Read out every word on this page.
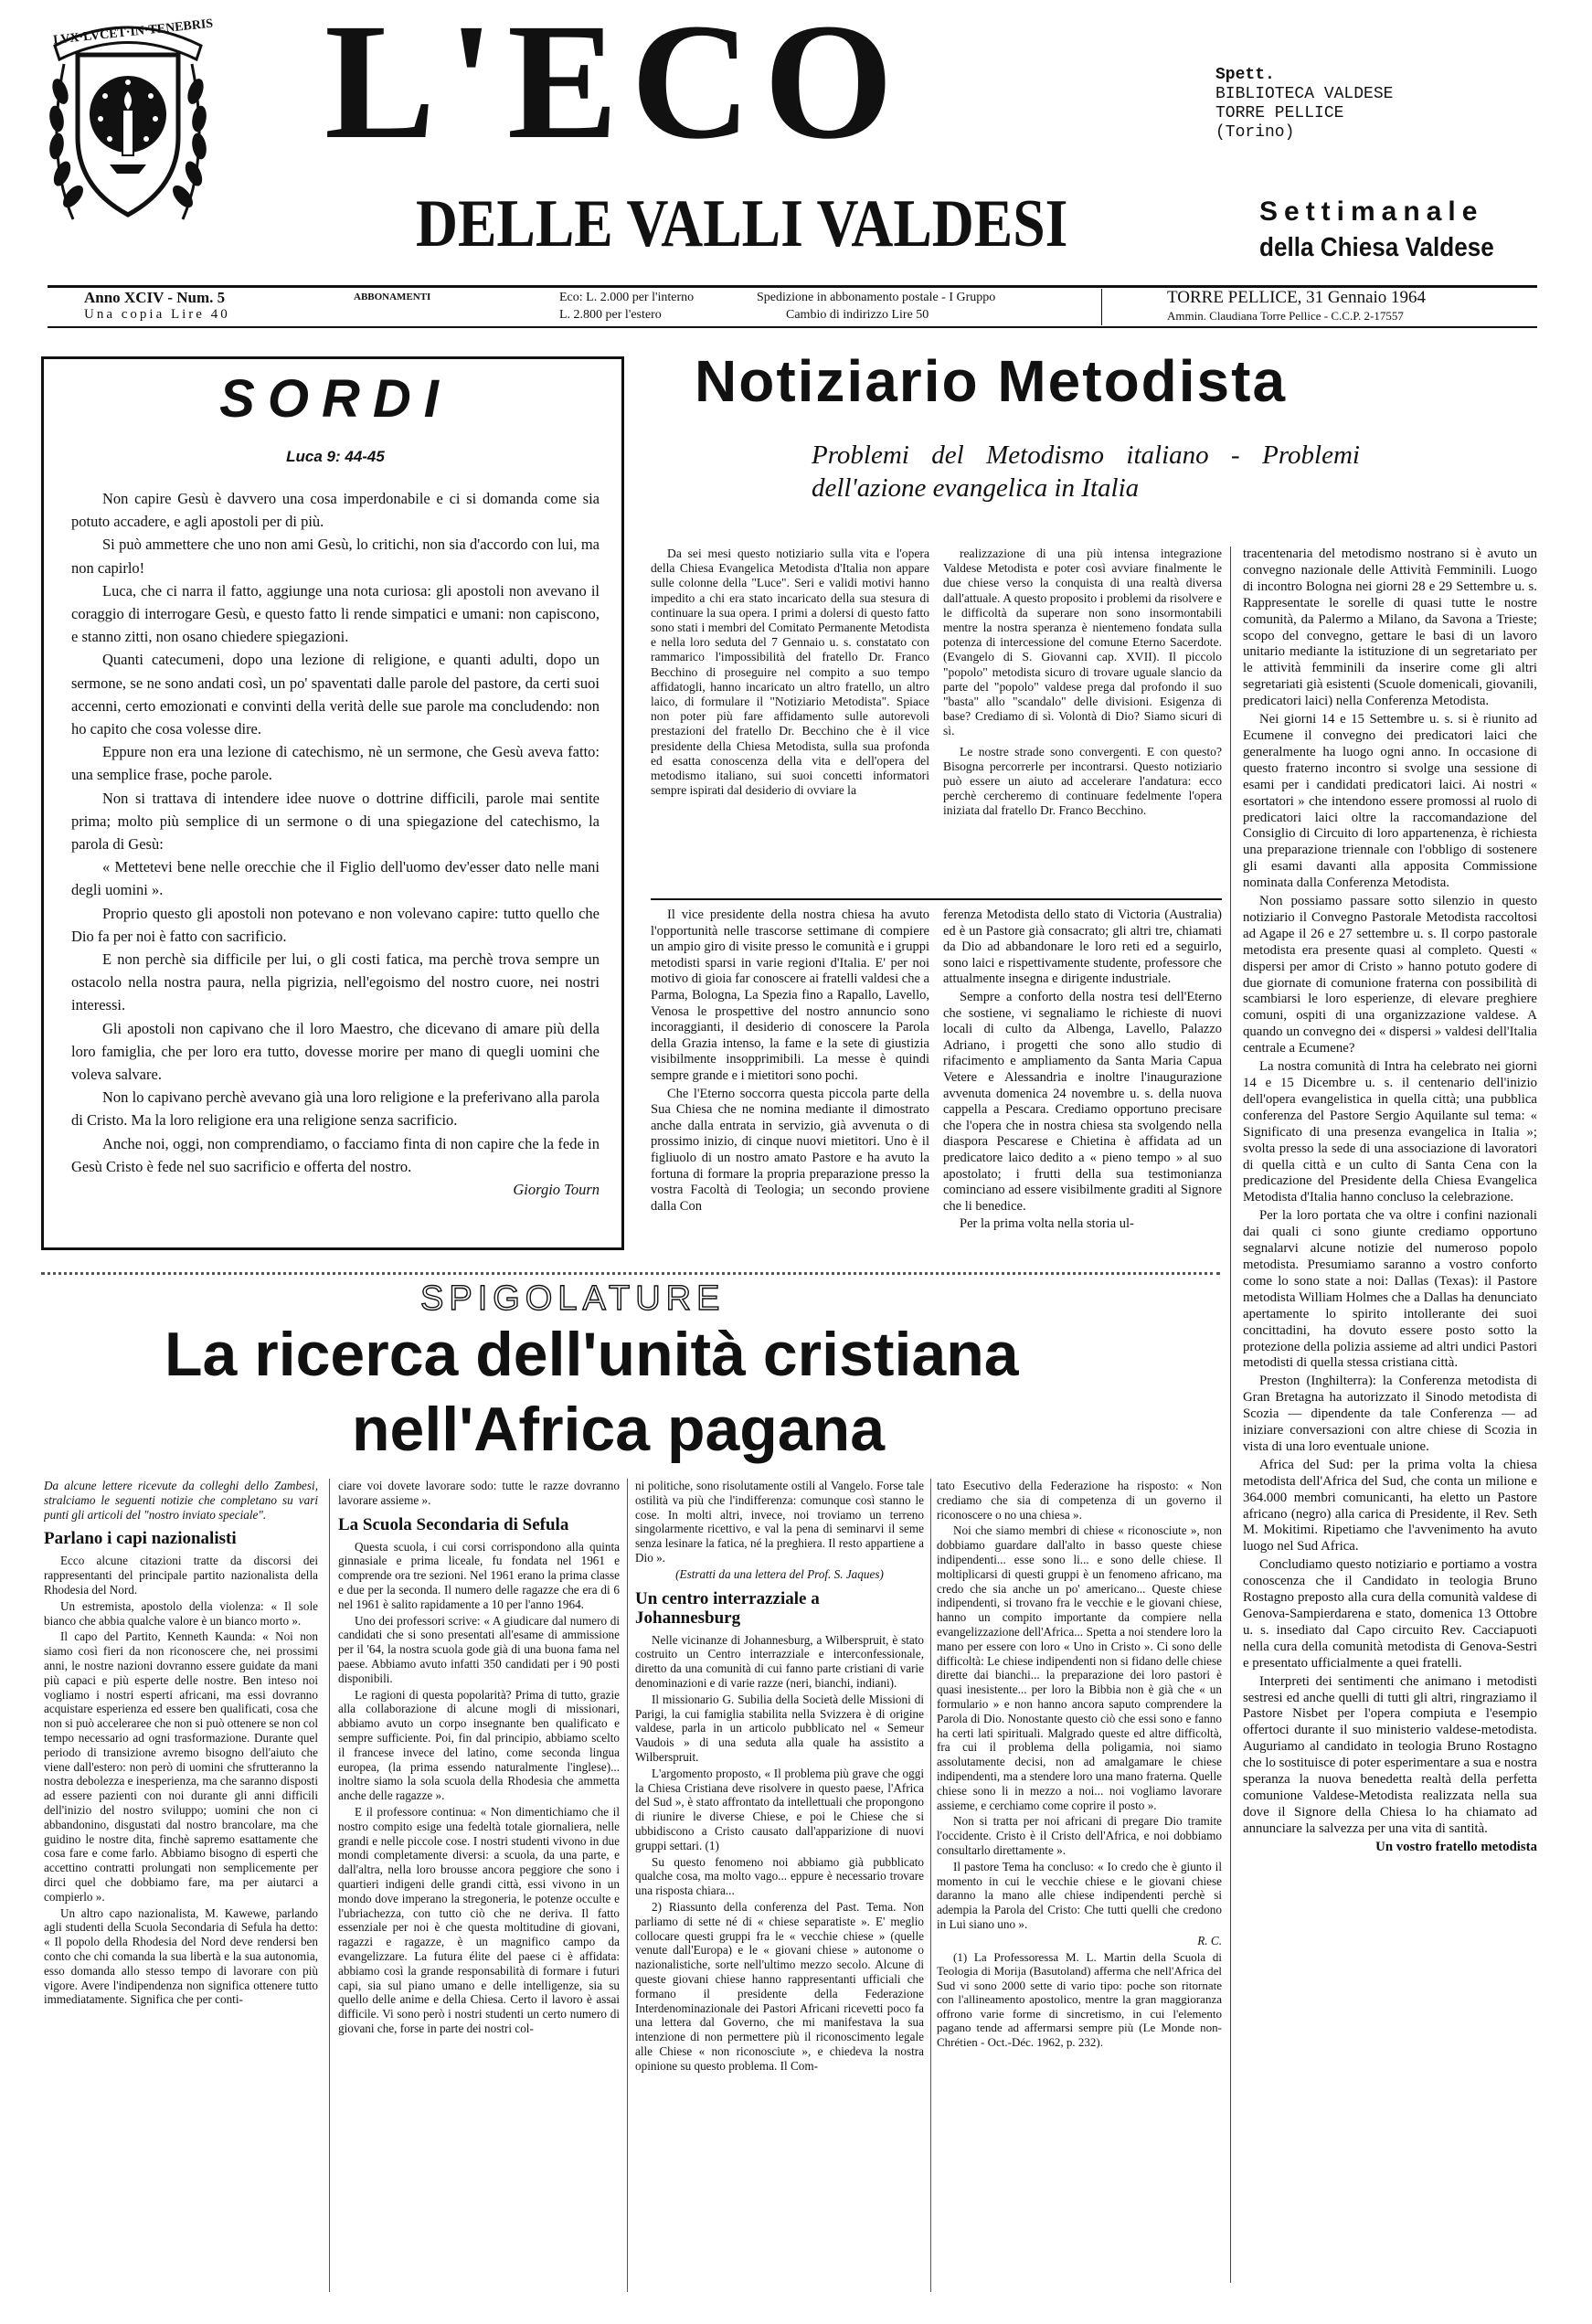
LVX·LVCET·IN·TENEBRIS L'ECO
DELLE VALLI VALDESI
Spett.
BIBLIOTECA VALDESE
TORRE PELLICE
(Torino)
Settimanale
della Chiesa Valdese
Anno XCIV - Num. 5
Una copia Lire 40
ABBONAMENTI	Eco: L. 2.000 per l'interno
L. 2.800 per l'estero
Spedizione in abbonamento postale - I Gruppo
Cambio di indirizzo Lire 50
TORRE PELLICE, 31 Gennaio 1964
Ammin. Claudiana Torre Pellice - C.C.P. 2-17557
SORDI
Luca 9: 44-45

Non capire Gesù è davvero una cosa imperdonabile e ci si domanda come sia potuto accadere, e agli apostoli per di più.

Si può ammettere che uno non ami Gesù, lo critichi, non sia d'accordo con lui, ma non capirlo!

Luca, che ci narra il fatto, aggiunge una nota curiosa: gli apostoli non avevano il coraggio di interrogare Gesù, e questo fatto li rende simpatici e umani: non capiscono, e stanno zitti, non osano chiedere spiegazioni.

Quanti catecumeni, dopo una lezione di religione, e quanti adulti, dopo un sermone, se ne sono andati così, un po' spaventati dalle parole del pastore, da certi suoi accenni, certo emozionati e convinti della verità delle sue parole ma concludendo: non ho capito che cosa volesse dire.

Eppure non era una lezione di catechismo, nè un sermone, che Gesù aveva fatto: una semplice frase, poche parole.

Non si trattava di intendere idee nuove o dottrine difficili, parole mai sentite prima; molto più semplice di un sermone o di una spiegazione del catechismo, la parola di Gesù:

« Mettetevi bene nelle orecchie che il Figlio dell'uomo dev'esser dato nelle mani degli uomini ».

Proprio questo gli apostoli non potevano e non volevano capire: tutto quello che Dio fa per noi è fatto con sacrificio.

E non perchè sia difficile per lui, o gli costi fatica, ma perchè trova sempre un ostacolo nella nostra paura, nella pigrizia, nell'egoismo del nostro cuore, nei nostri interessi.

Gli apostoli non capivano che il loro Maestro, che dicevano di amare più della loro famiglia, che per loro era tutto, dovesse morire per mano di quegli uomini che voleva salvare.

Non lo capivano perchè avevano già una loro religione e la preferivano alla parola di Cristo. Ma la loro religione era una religione senza sacrificio.

Anche noi, oggi, non comprendiamo, o facciamo finta di non capire che la fede in Gesù Cristo è fede nel suo sacrificio e offerta del nostro.

Giorgio Tourn

Notiziario Metodista
Problemi del Metodismo italiano - Problemi dell'azione evangelica in Italia

Da sei mesi questo notiziario sulla vita e l'opera della Chiesa Evangelica Metodista d'Italia non appare sulle colonne della "Luce". Seri e validi motivi hanno impedito a chi era stato incaricato della sua stesura di continuare la sua opera. I primi a dolersi di questo fatto sono stati i membri del Comitato Permanente Metodista e nella loro seduta del 7 Gennaio u. s. constatato con rammarico l'impossibilità del fratello Dr. Franco Becchino di proseguire nel compito a suo tempo affidatogli, hanno incaricato un altro fratello, un altro laico, di formulare il "Notiziario Metodista". Spiace non poter più fare affidamento sulle autorevoli prestazioni del fratello Dr. Becchino che è il vice presidente della Chiesa Metodista, sulla sua profonda ed esatta conoscenza della vita e dell'opera del metodismo italiano, sui suoi concetti informatori sempre ispirati dal desiderio di ovviare la

realizzazione di una più intensa integrazione Valdese Metodista e poter così avviare finalmente le due chiese verso la conquista di una realtà diversa dall'attuale. A questo proposito i problemi da risolvere e le difficoltà da superare non sono insormontabili mentre la nostra speranza è nientemeno fondata sulla potenza di intercessione del comune Eterno Sacerdote. (Evangelo di S. Giovanni cap. XVII). Il piccolo "popolo" metodista sicuro di trovare uguale slancio da parte del "popolo" valdese prega dal profondo il suo "basta" allo "scandalo" delle divisioni. Esigenza di base? Crediamo di sì. Volontà di Dio? Siamo sicuri di sì.

Le nostre strade sono convergenti. E con questo? Bisogna percorrerle per incontrarsi. Questo notiziario può essere un aiuto ad accelerare l'andatura: ecco perchè cercheremo di continuare fedelmente l'opera iniziata dal fratello Dr. Franco Becchino.

Il vice presidente della nostra chiesa ha avuto l'opportunità nelle trascorse settimane di compiere un ampio giro di visite presso le comunità e i gruppi metodisti sparsi in varie regioni d'Italia. E' per noi motivo di gioia far conoscere ai fratelli valdesi che a Parma, Bologna, La Spezia fino a Rapallo, Lavello, Venosa le prospettive del nostro annuncio sono incoraggianti, il desiderio di conoscere la Parola della Grazia intenso, la fame e la sete di giustizia visibilmente insopprimibili. La messe è quindi sempre grande e i mietitori sono pochi.

Che l'Eterno soccorra questa piccola parte della Sua Chiesa che ne nomina mediante il dimostrato anche dalla entrata in servizio, già avvenuta o di prossimo inizio, di cinque nuovi mietitori. Uno è il figliuolo di un nostro amato Pastore e ha avuto la fortuna di formare la propria preparazione presso la vostra Facoltà di Teologia; un secondo proviene dalla Con

ferenza Metodista dello stato di Victoria (Australia) ed è un Pastore già consacrato; gli altri tre, chiamati da Dio ad abbandonare le loro reti ed a seguirlo, sono laici e rispettivamente studente, professore che attualmente insegna e dirigente industriale.

Sempre a conforto della nostra tesi dell'Eterno che sostiene, vi segnaliamo le richieste di nuovi locali di culto da Albenga, Lavello, Palazzo Adriano, i progetti che sono allo studio di rifacimento e ampliamento da Santa Maria Capua Vetere e Alessandria e inoltre l'inaugurazione avvenuta domenica 24 novembre u. s. della nuova cappella a Pescara. Crediamo opportuno precisare che l'opera che in nostra chiesa sta svolgendo nella diaspora Pescarese e Chietina è affidata ad un predicatore laico dedito a « pieno tempo » al suo apostolato; i frutti della sua testimonianza cominciano ad essere visibilmente graditi al Signore che li benedice.

Per la prima volta nella storia ul-

tracentenaria del metodismo nostrano si è avuto un convegno nazionale delle Attività Femminili. Luogo di incontro Bologna nei giorni 28 e 29 Settembre u. s. Rappresentate le sorelle di quasi tutte le nostre comunità, da Palermo a Milano, da Savona a Trieste; scopo del convegno, gettare le basi di un lavoro unitario mediante la istituzione di un segretariato per le attività femminili da inserire come gli altri segretariati già esistenti (Scuole domenicali, giovanili, predicatori laici) nella Conferenza Metodista.

Nei giorni 14 e 15 Settembre u. s. si è riunito ad Ecumene il convegno dei predicatori laici che generalmente ha luogo ogni anno. In occasione di questo fraterno incontro si svolge una sessione di esami per i candidati predicatori laici. Ai nostri « esortatori » che intendono essere promossi al ruolo di predicatori laici oltre la raccomandazione del Consiglio di Circuito di loro appartenenza, è richiesta una preparazione triennale con l'obbligo di sostenere gli esami davanti alla apposita Commissione nominata dalla Conferenza Metodista.

Non possiamo passare sotto silenzio in questo notiziario il Convegno Pastorale Metodista raccoltosi ad Agape il 26 e 27 settembre u. s. Il corpo pastorale metodista era presente quasi al completo. Questi « dispersi per amor di Cristo » hanno potuto godere di due giornate di comunione fraterna con possibilità di scambiarsi le loro esperienze, di elevare preghiere comuni, ospiti di una organizzazione valdese. A quando un convegno dei « dispersi » valdesi dell'Italia centrale a Ecumene?

La nostra comunità di Intra ha celebrato nei giorni 14 e 15 Dicembre u. s. il centenario dell'inizio dell'opera evangelistica in quella città; una pubblica conferenza del Pastore Sergio Aquilante sul tema: « Significato di una presenza evangelica in Italia »; svolta presso la sede di una associazione di lavoratori di quella città e un culto di Santa Cena con la predicazione del Presidente della Chiesa Evangelica Metodista d'Italia hanno concluso la celebrazione.

Per la loro portata che va oltre i confini nazionali dai quali ci sono giunte crediamo opportuno segnalarvi alcune notizie del numeroso popolo metodista. Presumiamo saranno a vostro conforto come lo sono state a noi: Dallas (Texas): il Pastore metodista William Holmes che a Dallas ha denunciato apertamente lo spirito intollerante dei suoi concittadini, ha dovuto essere posto sotto la protezione della polizia assieme ad altri undici Pastori metodisti di quella stessa cristiana città.

Preston (Inghilterra): la Conferenza metodista di Gran Bretagna ha autorizzato il Sinodo metodista di Scozia — dipendente da tale Conferenza — ad iniziare conversazioni con altre chiese di Scozia in vista di una loro eventuale unione.

Africa del Sud: per la prima volta la chiesa metodista dell'Africa del Sud, che conta un milione e 364.000 membri comunicanti, ha eletto un Pastore africano (negro) alla carica di Presidente, il Rev. Seth M. Mokitimi. Ripetiamo che l'avvenimento ha avuto luogo nel Sud Africa.

Concludiamo questo notiziario e portiamo a vostra conoscenza che il Candidato in teologia Bruno Rostagno preposto alla cura della comunità valdese di Genova-Sampierdarena e stato, domenica 13 Ottobre u. s. insediato dal Capo circuito Rev. Cacciapuoti nella cura della comunità metodista di Genova-Sestri e presentato ufficialmente a quei fratelli.

Interpreti dei sentimenti che animano i metodisti sestresi ed anche quelli di tutti gli altri, ringraziamo il Pastore Nisbet per l'opera compiuta e l'esempio offertoci durante il suo ministerio valdese-metodista. Auguriamo al candidato in teologia Bruno Rostagno che lo sostituisce di poter esperimentare a sua e nostra speranza la nuova benedetta realtà della perfetta comunione Valdese-Metodista realizzata nella sua dove il Signore della Chiesa lo ha chiamato ad annunciare la salvezza per una vita di santità.

Un vostro fratello metodista

SPIGOLATURE
La ricerca dell'unità cristiana
nell'Africa pagana

Da alcune lettere ricevute da colleghi dello Zambesi, stralciamo le seguenti notizie che completano su vari punti gli articoli del "nostro inviato speciale".

Parlano i capi nazionalisti

Ecco alcune citazioni tratte da discorsi dei rappresentanti del principale partito nazionalista della Rhodesia del Nord.

Un estremista, apostolo della violenza: « Il sole bianco che abbia qualche valore è un bianco morto ».

Il capo del Partito, Kenneth Kaunda: « Noi non siamo così fieri da non riconoscere che, nei prossimi anni, le nostre nazioni dovranno essere guidate da mani più capaci e più esperte delle nostre. Ben inteso noi vogliamo i nostri esperti africani, ma essi dovranno acquistare esperienza ed essere ben qualificati, cosa che non si può acceleraree che non si può ottenere se non col tempo necessario ad ogni trasformazione. Durante quel periodo di transizione avremo bisogno dell'aiuto che viene dall'estero: non però di uomini che sfrutteranno la nostra debolezza e inesperienza, ma che saranno disposti ad essere pazienti con noi durante gli anni difficili dell'inizio del nostro sviluppo; uomini che non ci abbandonino, disgustati dal nostro brancolare, ma che guidino le nostre dita, finchè sapremo esattamente che cosa fare e come farlo. Abbiamo bisogno di esperti che accettino contratti prolungati non semplicemente per dirci quel che dobbiamo fare, ma per aiutarci a compierlo ».

Un altro capo nazionalista, M. Kawewe, parlando agli studenti della Scuola Secondaria di Sefula ha detto: « Il popolo della Rhodesia del Nord deve rendersi ben conto che chi comanda la sua libertà e la sua autonomia, esso domanda allo stesso tempo di lavorare con più vigore. Avere l'indipendenza non significa ottenere tutto immediatamente. Significa che per conti-

ciare voi dovete lavorare sodo: tutte le razze dovranno lavorare assieme ».

La Scuola Secondaria di Sefula

Questa scuola, i cui corsi corrispondono alla quinta ginnasiale e prima liceale, fu fondata nel 1961 e comprende ora tre sezioni. Nel 1961 erano la prima classe e due per la seconda. Il numero delle ragazze che era di 6 nel 1961 è salito rapidamente a 10 per l'anno 1964.

Uno dei professori scrive: « A giudicare dal numero di candidati che si sono presentati all'esame di ammissione per il '64, la nostra scuola gode già di una buona fama nel paese. Abbiamo avuto infatti 350 candidati per i 90 posti disponibili.

Le ragioni di questa popolarità? Prima di tutto, grazie alla collaborazione di alcune mogli di missionari, abbiamo avuto un corpo insegnante ben qualificato e sempre sufficiente. Poi, fin dal principio, abbiamo scelto il francese invece del latino, come seconda lingua europea, (la prima essendo naturalmente l'inglese)... inoltre siamo la sola scuola della Rhodesia che ammetta anche delle ragazze ».

E il professore continua: « Non dimentichiamo che il nostro compito esige una fedeltà totale giornaliera, nelle grandi e nelle piccole cose. I nostri studenti vivono in due mondi completamente diversi: a scuola, da una parte, e dall'altra, nella loro brousse ancora peggiore che sono i quartieri indigeni delle grandi città, essi vivono in un mondo dove imperano la stregoneria, le potenze occulte e l'ubriachezza, con tutto ciò che ne deriva. Il fatto essenziale per noi è che questa moltitudine di giovani, ragazzi e ragazze, è un magnifico campo da evangelizzare. La futura élite del paese ci è affidata: abbiamo così la grande responsabilità di formare i futuri capi, sia sul piano umano e delle intelligenze, sia su quello delle anime e della Chiesa. Certo il lavoro è assai difficile. Vi sono però i nostri studenti un certo numero di giovani che, forse in parte dei nostri col-

ni politiche, sono risolutamente ostili al Vangelo. Forse tale ostilità va più che l'indifferenza: comunque così stanno le cose. In molti altri, invece, noi troviamo un terreno singolarmente ricettivo, e val la pena di seminarvi il seme senza lesinare la fatica, né la preghiera. Il resto appartiene a Dio ».

(Estratti da una lettera del Prof. S. Jaques)

Un centro interrazziale a Johannesburg

Nelle vicinanze di Johannesburg, a Wilberspruit, è stato costruito un Centro interrazziale e interconfessionale, diretto da una comunità di cui fanno parte cristiani di varie denominazioni e di varie razze (neri, bianchi, indiani).

Il missionario G. Subilia della Società delle Missioni di Parigi, la cui famiglia stabilita nella Svizzera è di origine valdese, parla in un articolo pubblicato nel « Semeur Vaudois » di una seduta alla quale ha assistito a Wilberspruit.

L'argomento proposto, « Il problema più grave che oggi la Chiesa Cristiana deve risolvere in questo paese, l'Africa del Sud », è stato affrontato da intellettuali che propongono di riunire le diverse Chiese, e poi le Chiese che si ubbidiscono a Cristo causato dall'apparizione di nuovi gruppi settari. (1)

Su questo fenomeno noi abbiamo già pubblicato qualche cosa, ma molto vago... eppure è necessario trovare una risposta chiara...

2) Riassunto della conferenza del Past. Tema. Non parliamo di sette né di « chiese separatiste ». E' meglio collocare questi gruppi fra le « vecchie chiese » (quelle venute dall'Europa) e le « giovani chiese » autonome o nazionalistiche, sorte nell'ultimo mezzo secolo. Alcune di queste giovani chiese hanno rappresentanti ufficiali che formano il presidente della Federazione Interdenominazionale dei Pastori Africani ricevetti poco fa una lettera dal Governo, che mi manifestava la sua intenzione di non permettere più il riconoscimento legale alle Chiese « non riconosciute », e chiedeva la nostra opinione su questo problema. Il Com-

tato Esecutivo della Federazione ha risposto: « Non crediamo che sia di competenza di un governo il riconoscere o no una chiesa ».

Noi che siamo membri di chiese « riconosciute », non dobbiamo guardare dall'alto in basso queste chiese indipendenti... esse sono li... e sono delle chiese. Il moltiplicarsi di questi gruppi è un fenomeno africano, ma credo che sia anche un po' americano... Queste chiese indipendenti, si trovano fra le vecchie e le giovani chiese, hanno un compito importante da compiere nella evangelizzazione dell'Africa... Spetta a noi stendere loro la mano per essere con loro « Uno in Cristo ». Ci sono delle difficoltà: Le chiese indipendenti non si fidano delle chiese dirette dai bianchi... la preparazione dei loro pastori è quasi inesistente... per loro la Bibbia non è già che « un formulario » e non hanno ancora saputo comprendere la Parola di Dio. Nonostante questo ciò che essi sono e fanno ha certi lati spirituali. Malgrado queste ed altre difficoltà, fra cui il problema della poligamia, noi siamo assolutamente decisi, non ad amalgamare le chiese indipendenti, ma a stendere loro una mano fraterna. Quelle chiese sono li in mezzo a noi... noi vogliamo lavorare assieme, e cerchiamo come coprire il posto ».

Non si tratta per noi africani di pregare Dio tramite l'occidente. Cristo è il Cristo dell'Africa, e noi dobbiamo consultarlo direttamente ».

Il pastore Tema ha concluso: « Io credo che è giunto il momento in cui le vecchie chiese e le giovani chiese daranno la mano alle chiese indipendenti perchè si adempia la Parola del Cristo: Che tutti quelli che credono in Lui siano uno ».

R. C.

(1) La Professoressa M. L. Martin della Scuola di Teologia di Morija (Basutoland) afferma che nell'Africa del Sud vi sono 2000 sette di vario tipo: poche son ritornate con l'allineamento apostolico, mentre la gran maggioranza offrono varie forme di sincretismo, in cui l'elemento pagano tende ad affermarsi sempre più (Le Monde non-Chrétien - Oct.-Déc. 1962, p. 232).
